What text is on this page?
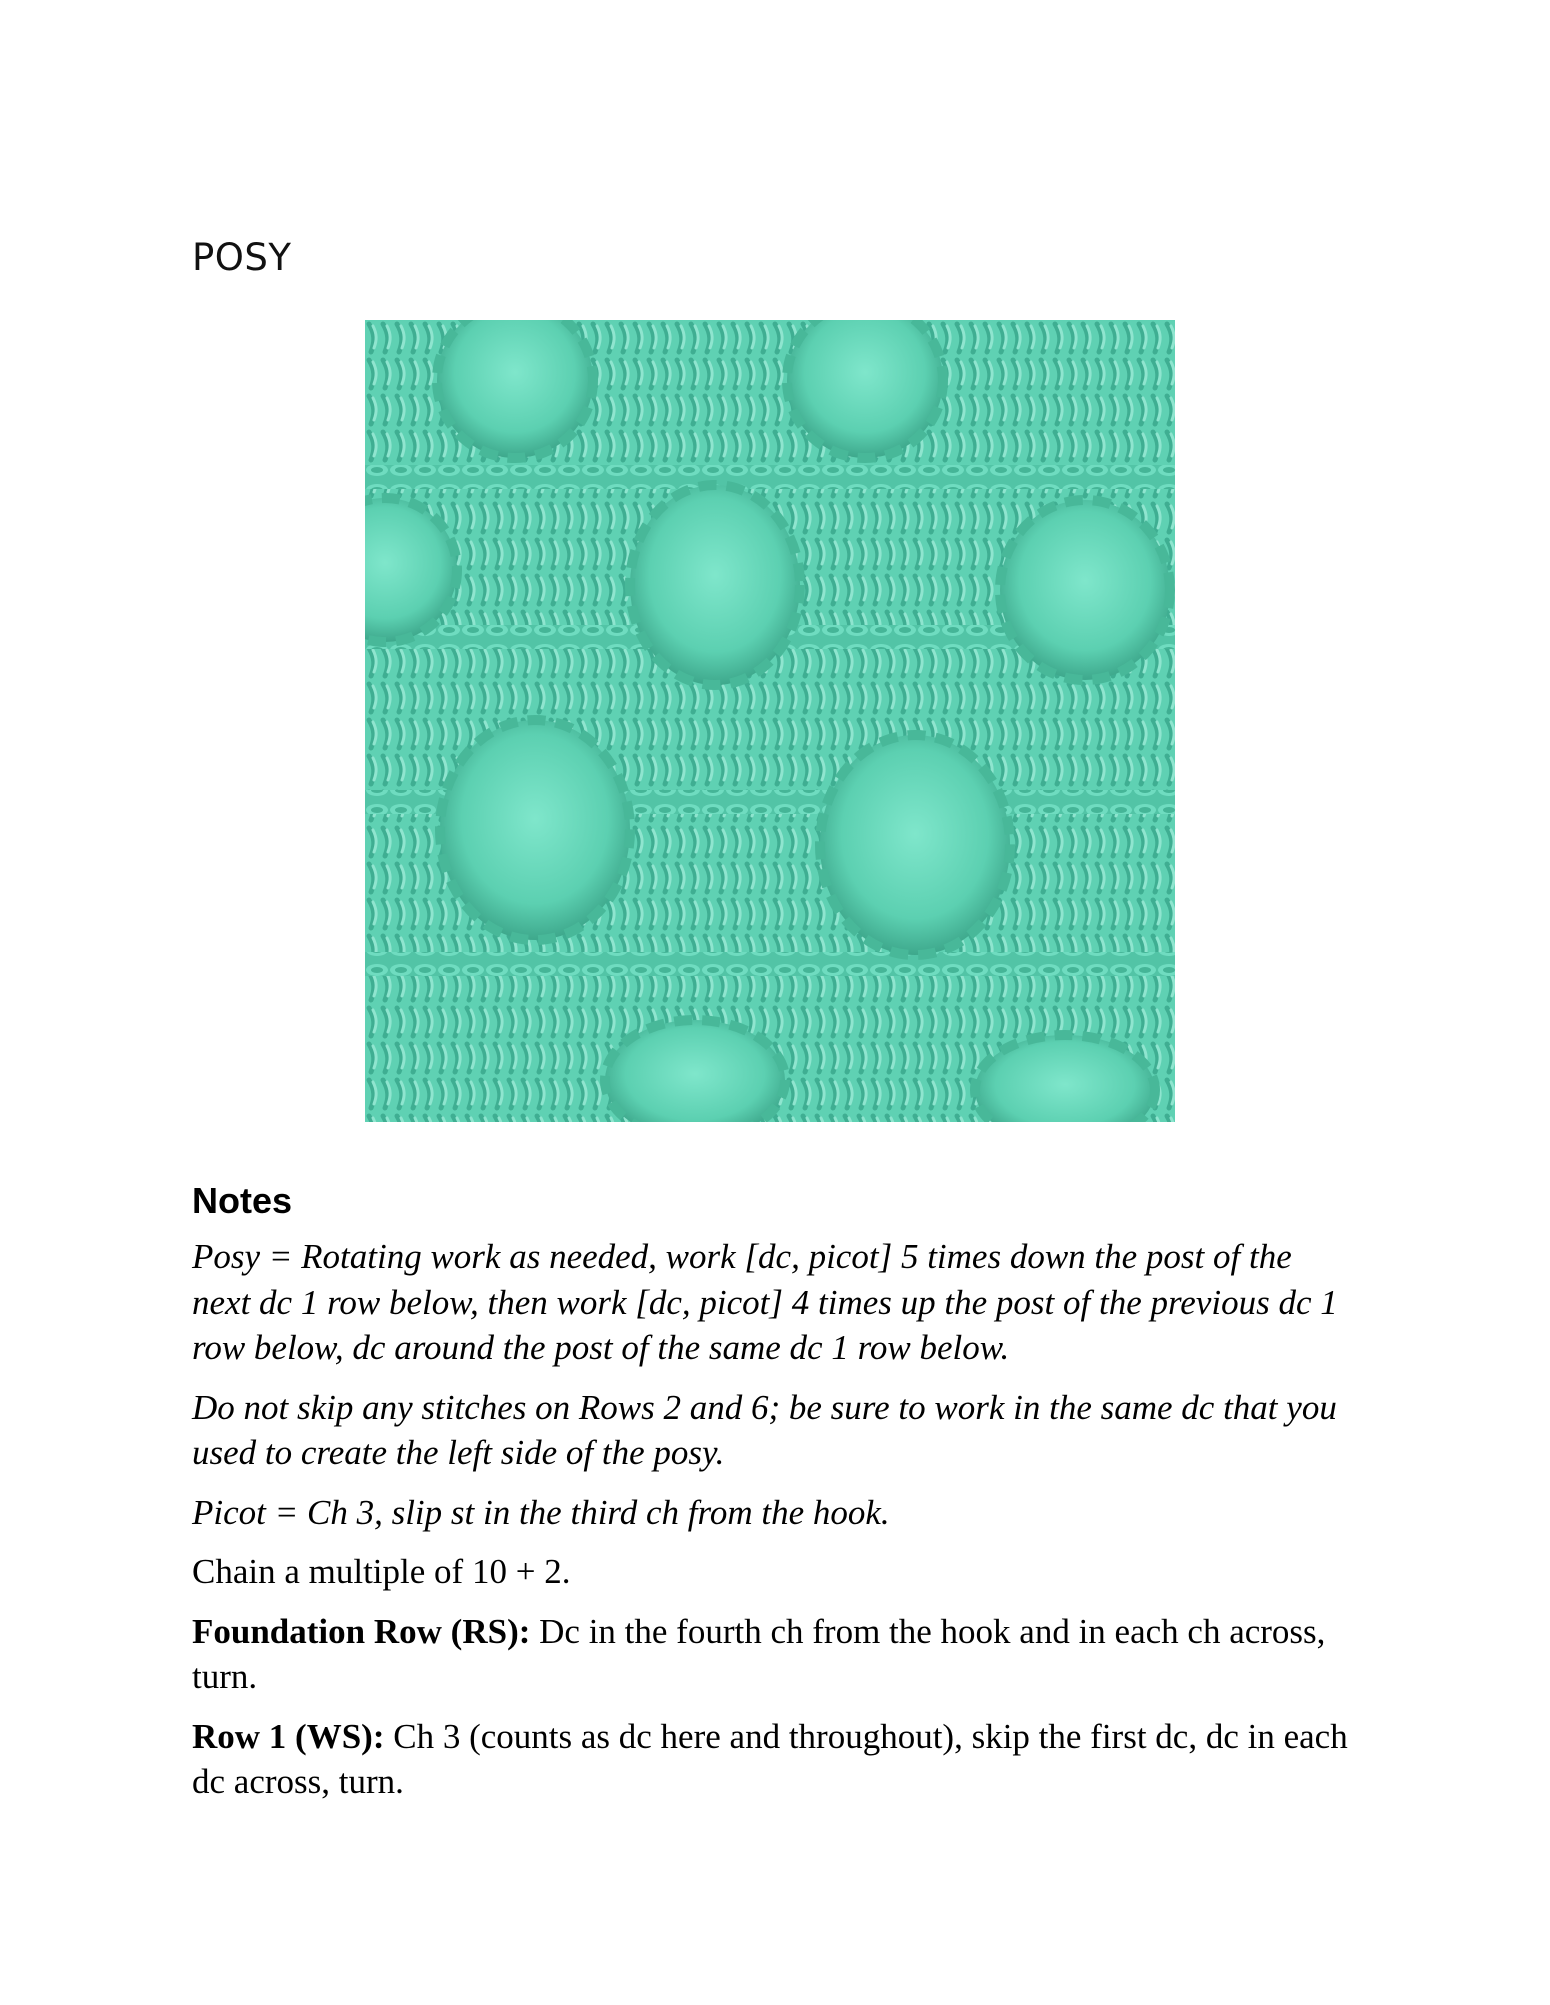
POSY
Notes

Posy = Rotating work as needed, work [dc, picot] 5 times down the post of the next dc 1 row below, then work [dc, picot] 4 times up the post of the previous dc 1 row below, dc around the post of the same dc 1 row below.

Do not skip any stitches on Rows 2 and 6; be sure to work in the same dc that you used to create the left side of the posy.

Picot = Ch 3, slip st in the third ch from the hook.

Chain a multiple of 10 + 2.

Foundation Row (RS): Dc in the fourth ch from the hook and in each ch across, turn.

Row 1 (WS): Ch 3 (counts as dc here and throughout), skip the first dc, dc in each dc across, turn.
